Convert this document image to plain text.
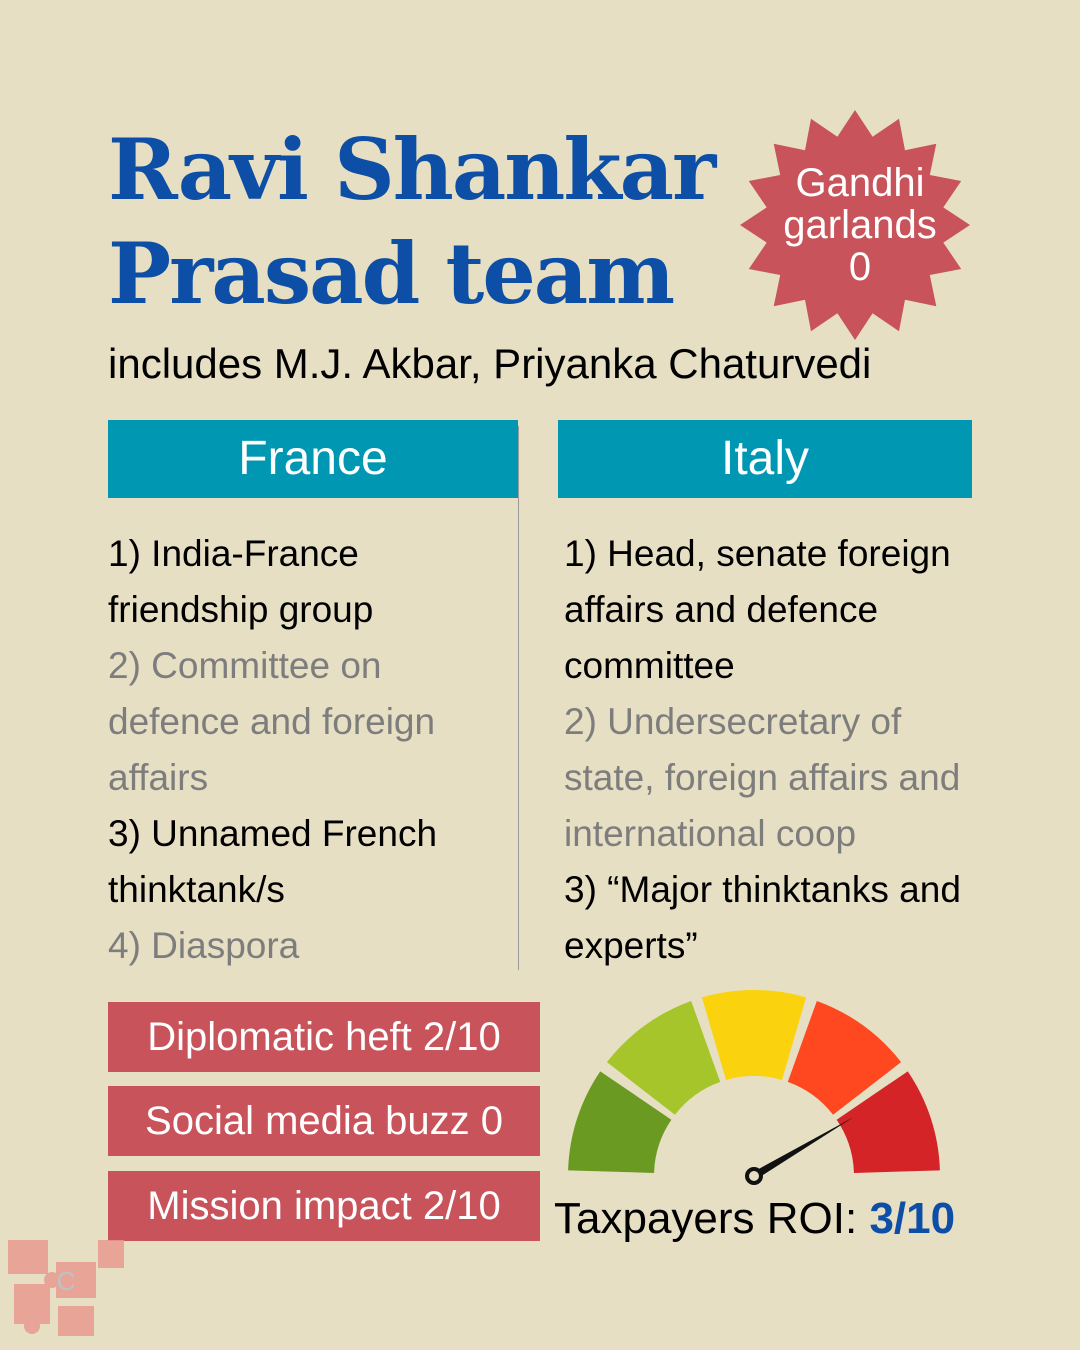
Ravi Shankar
Prasad team
Gandhi
garlands
0
includes M.J. Akbar, Priyanka Chaturvedi
France	Italy
1) India-France friendship group
2) Committee on defence and foreign affairs
3) Unnamed French thinktank/s
4) Diaspora
1) Head, senate foreign affairs and defence committee
2) Undersecretary of state, foreign affairs and international coop
3) “Major thinktanks and experts”
Diplomatic heft 2/10
Social media buzz 0
Mission impact 2/10	Taxpayers ROI: 3/10
C
